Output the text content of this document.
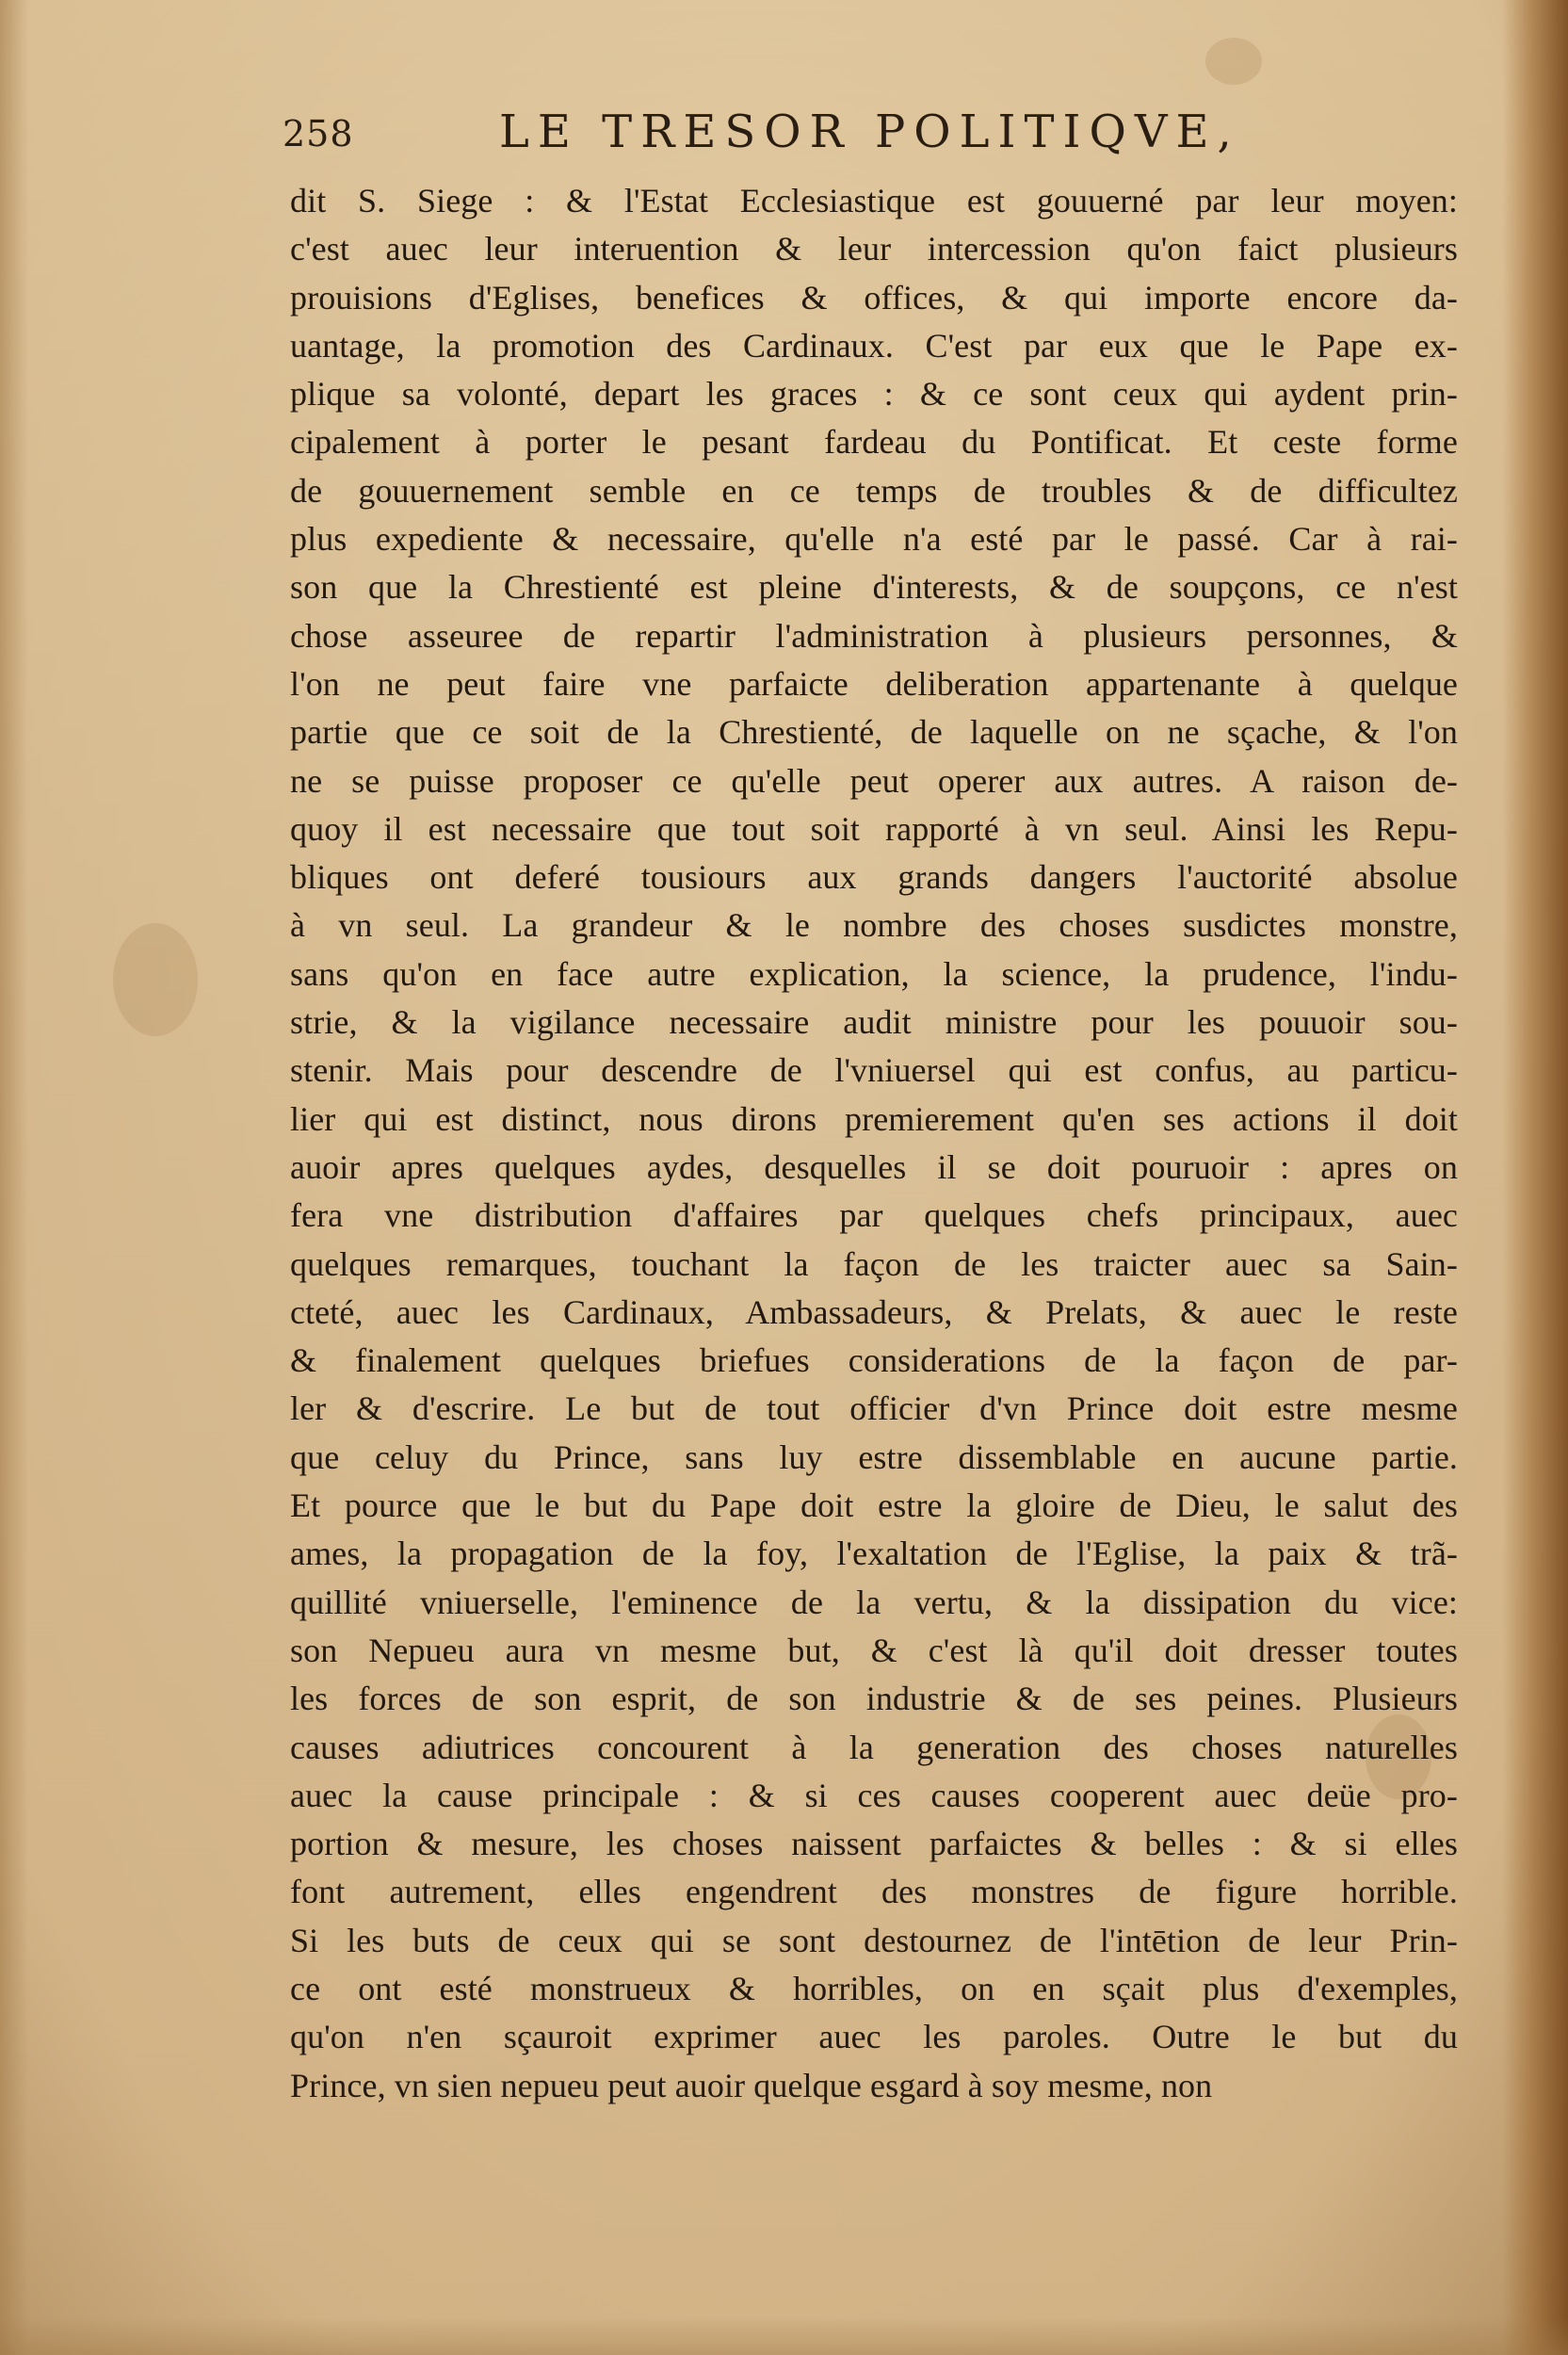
258	LE TRESOR POLITIQVE,
dit S. Siege : & l'Estat Ecclesiastique est gouuerné par leur moyen:
c'est auec leur interuention & leur intercession qu'on faict plusieurs
prouisions d'Eglises, benefices & offices, & qui importe encore da-
uantage, la promotion des Cardinaux. C'est par eux que le Pape ex-
plique sa volonté, depart les graces : & ce sont ceux qui aydent prin-
cipalement à porter le pesant fardeau du Pontificat. Et ceste forme
de gouuernement semble en ce temps de troubles & de difficultez
plus expediente & necessaire, qu'elle n'a esté par le passé. Car à rai-
son que la Chrestienté est pleine d'interests, & de soupçons, ce n'est
chose asseuree de repartir l'administration à plusieurs personnes, &
l'on ne peut faire vne parfaicte deliberation appartenante à quelque
partie que ce soit de la Chrestienté, de laquelle on ne sçache, & l'on
ne se puisse proposer ce qu'elle peut operer aux autres. A raison de-
quoy il est necessaire que tout soit rapporté à vn seul. Ainsi les Repu-
bliques ont deferé tousiours aux grands dangers l'auctorité absolue
à vn seul. La grandeur & le nombre des choses susdictes monstre,
sans qu'on en face autre explication, la science, la prudence, l'indu-
strie, & la vigilance necessaire audit ministre pour les pouuoir sou-
stenir. Mais pour descendre de l'vniuersel qui est confus, au particu-
lier qui est distinct, nous dirons premierement qu'en ses actions il doit
auoir apres quelques aydes, desquelles il se doit pouruoir : apres on
fera vne distribution d'affaires par quelques chefs principaux, auec
quelques remarques, touchant la façon de les traicter auec sa Sain-
cteté, auec les Cardinaux, Ambassadeurs, & Prelats, & auec le reste
& finalement quelques briefues considerations de la façon de par-
ler & d'escrire. Le but de tout officier d'vn Prince doit estre mesme
que celuy du Prince, sans luy estre dissemblable en aucune partie.
Et pource que le but du Pape doit estre la gloire de Dieu, le salut des
ames, la propagation de la foy, l'exaltation de l'Eglise, la paix & trã-
quillité vniuerselle, l'eminence de la vertu, & la dissipation du vice:
son Nepueu aura vn mesme but, & c'est là qu'il doit dresser toutes
les forces de son esprit, de son industrie & de ses peines. Plusieurs
causes adiutrices concourent à la generation des choses naturelles
auec la cause principale : & si ces causes cooperent auec deüe pro-
portion & mesure, les choses naissent parfaictes & belles : & si elles
font autrement, elles engendrent des monstres de figure horrible.
Si les buts de ceux qui se sont destournez de l'intētion de leur Prin-
ce ont esté monstrueux & horribles, on en sçait plus d'exemples,
qu'on n'en sçauroit exprimer auec les paroles. Outre le but du
Prince, vn sien nepueu peut auoir quelque esgard à soy mesme, non
